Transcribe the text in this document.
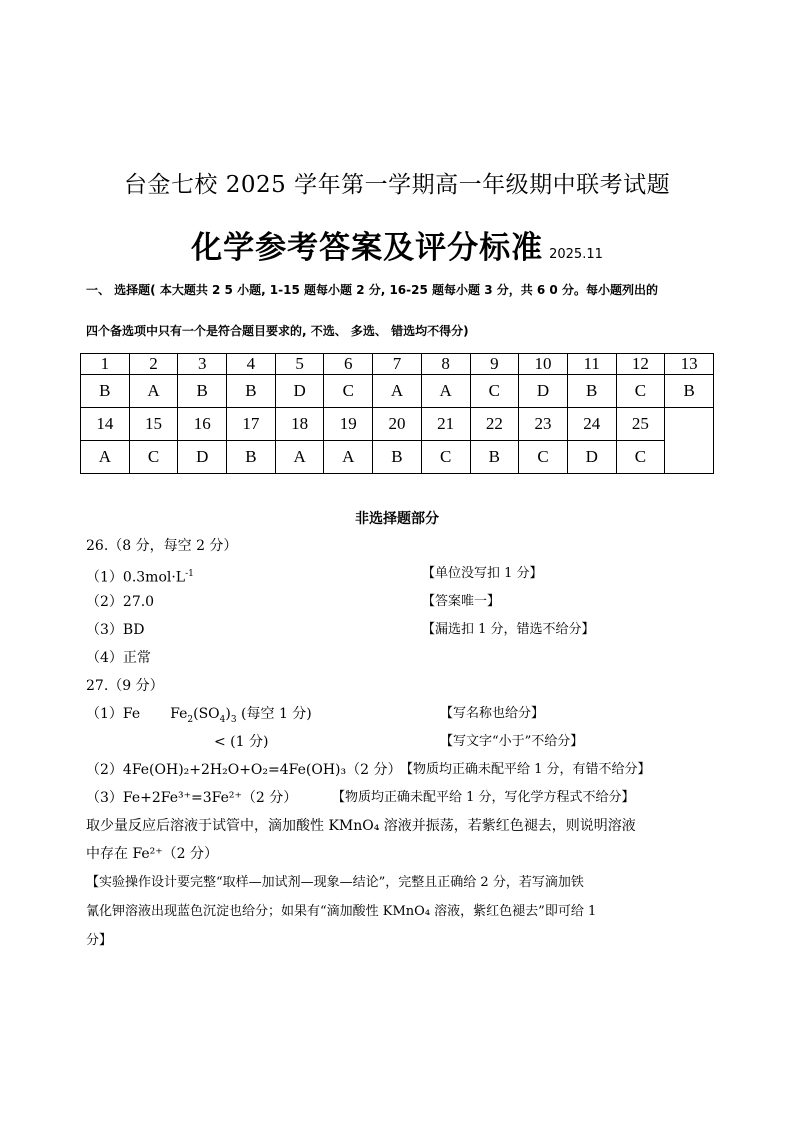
台金七校 2025 学年第一学期高一年级期中联考试题
化学参考答案及评分标准 2025.11
一、 选择题( 本大题共 2 5 小题, 1-15 题每小题 2 分, 16-25 题每小题 3 分，共 6 0 分。每小题列出的
四个备选项中只有一个是符合题目要求的, 不选、 多选、 错选均不得分)
1	2	3	4	5	6	7	8	9	10	11	12	13
B	A	B	B	D	C	A	A	C	D	B	C	B
14	15	16	17	18	19	20	21	22	23	24	25	
A	C	D	B	A	A	B	C	B	C	D	C	
非选择题部分
26.（8 分，每空 2 分）
$(1)0.3mol\cdot L^{-1}$	【单位没写扣 1 分】
（2）27.0	【答案唯一】
（3）BD	【漏选扣 1 分，错选不给分】
（4）正常
27.（9 分）
（1）Fe $Fe_2(SO_4)_3$ (每空 1 分)	【写名称也给分】
< (1 分)	【写文字“小于”不给分】
（2）4Fe(OH)₂+2H₂O+O₂=4Fe(OH)₃（2 分）
【物质均正确未配平给 1 分，有错不给分】
（3）Fe+2Fe³⁺=3Fe²⁺（2 分）	【物质均正确未配平给 1 分，写化学方程式不给分】
取少量反应后溶液于试管中，滴加酸性 KMnO₄ 溶液并振荡，若紫红色褪去，则说明溶液
中存在 Fe²⁺（2 分）
【实验操作设计要完整“取样—加试剂—现象—结论”，完整且正确给 2 分，若写滴加铁
氰化钾溶液出现蓝色沉淀也给分；如果有“滴加酸性 KMnO₄ 溶液，紫红色褪去”即可给 1
分】
